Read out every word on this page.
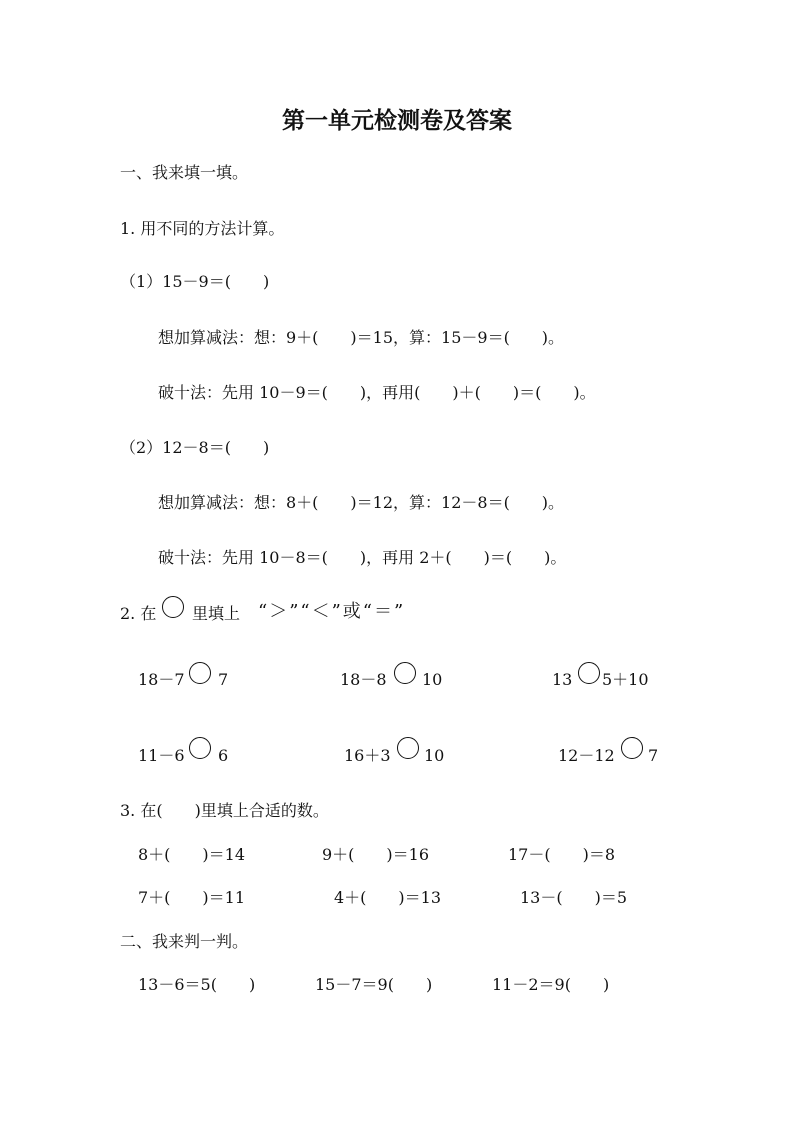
第一单元检测卷及答案
一、我来填一填。
1. 用不同的方法计算。
（1）15－9＝(　　)
想加算减法：想：9＋(　　)＝15，算：15－9＝(　　)。
破十法：先用 10－9＝(　　)，再用(　　)＋(　　)＝(　　)。
（2）12－8＝(　　)
想加算减法：想：8＋(　　)＝12，算：12－8＝(　　)。
破十法：先用 10－8＝(　　)，再用 2＋(　　)＝(　　)。
2. 在 里填上 “＞”“＜”或“＝”
18－7 7	18－8 10	13 5＋10
11－6 6	16＋3 10	12－12 7
3. 在(　　)里填上合适的数。
8＋(　　)＝14	9＋(　　)＝16	17－(　　)＝8
7＋(　　)＝11	4＋(　　)＝13	13－(　　)＝5
二、我来判一判。
13－6＝5(　　)	15－7＝9(　　)	11－2＝9(　　)
